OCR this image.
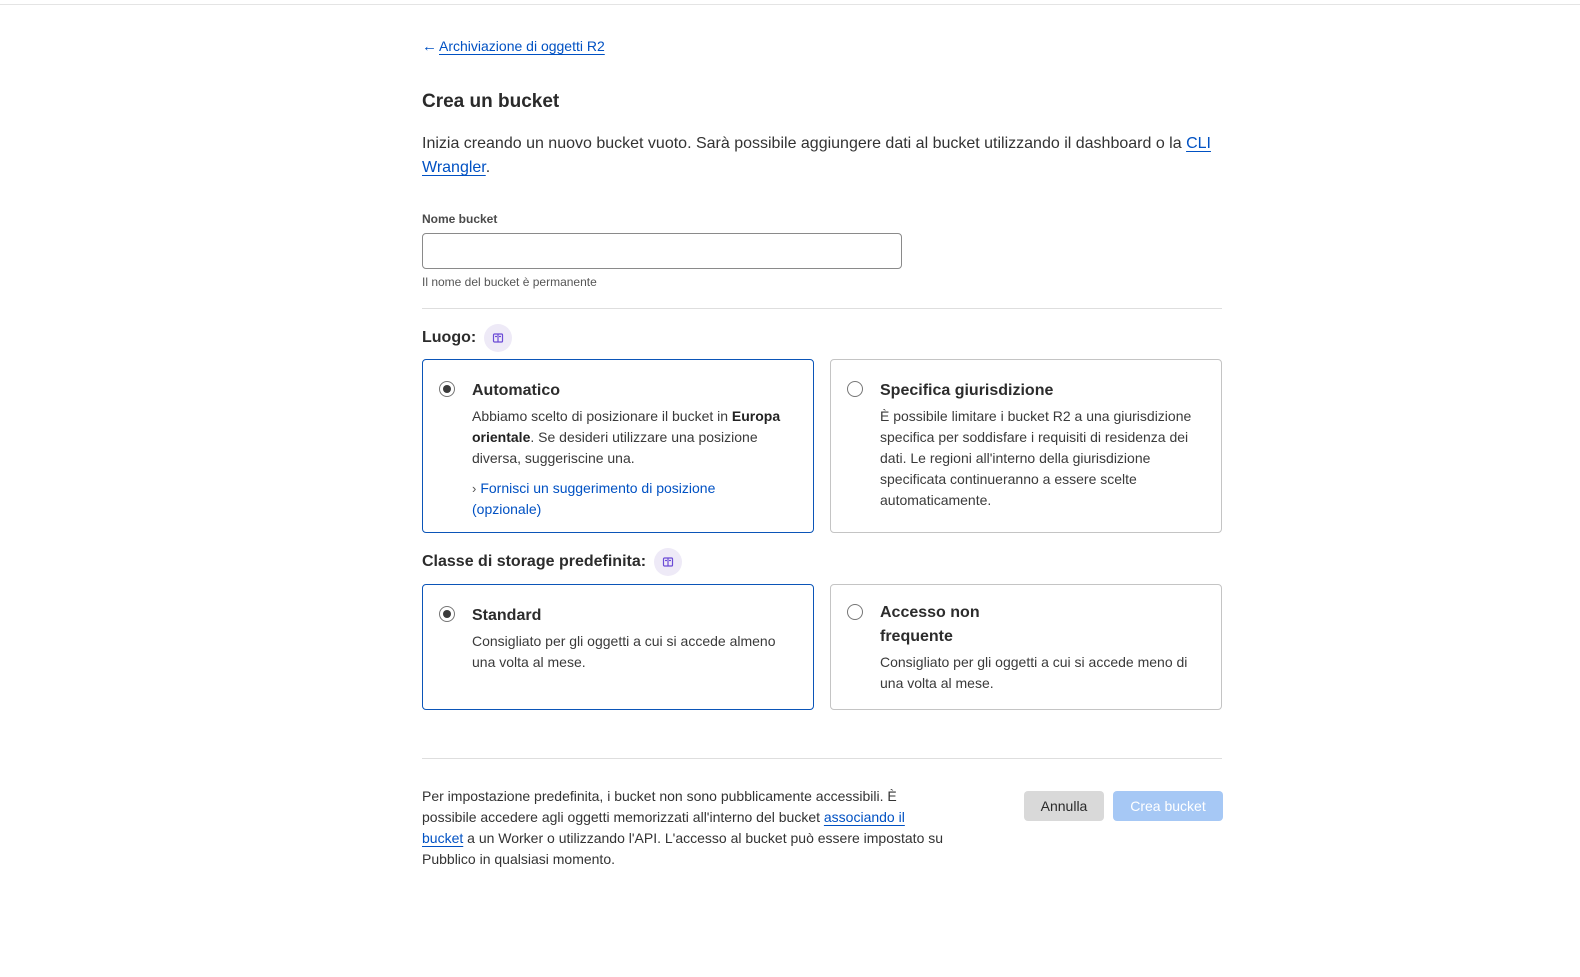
← Archiviazione di oggetti R2
Crea un bucket

Inizia creando un nuovo bucket vuoto. Sarà possibile aggiungere dati al bucket utilizzando il dashboard o la CLI Wrangler.

Nome bucket
Il nome del bucket è permanente
Luogo:
Automatico
Abbiamo scelto di posizionare il bucket in Europa orientale. Se desideri utilizzare una posizione diversa, suggeriscine una.
› Fornisci un suggerimento di posizione (opzionale)
Specifica giurisdizione
È possibile limitare i bucket R2 a una giurisdizione specifica per soddisfare i requisiti di residenza dei dati. Le regioni all'interno della giurisdizione specificata continueranno a essere scelte automaticamente.
Classe di storage predefinita:
Standard
Consigliato per gli oggetti a cui si accede almeno una volta al mese.
Accesso non frequente
Consigliato per gli oggetti a cui si accede meno di una volta al mese.

Per impostazione predefinita, i bucket non sono pubblicamente accessibili. È possibile accedere agli oggetti memorizzati all'interno del bucket associando il bucket a un Worker o utilizzando l'API. L'accesso al bucket può essere impostato su Pubblico in qualsiasi momento.

Annulla	Crea bucket
